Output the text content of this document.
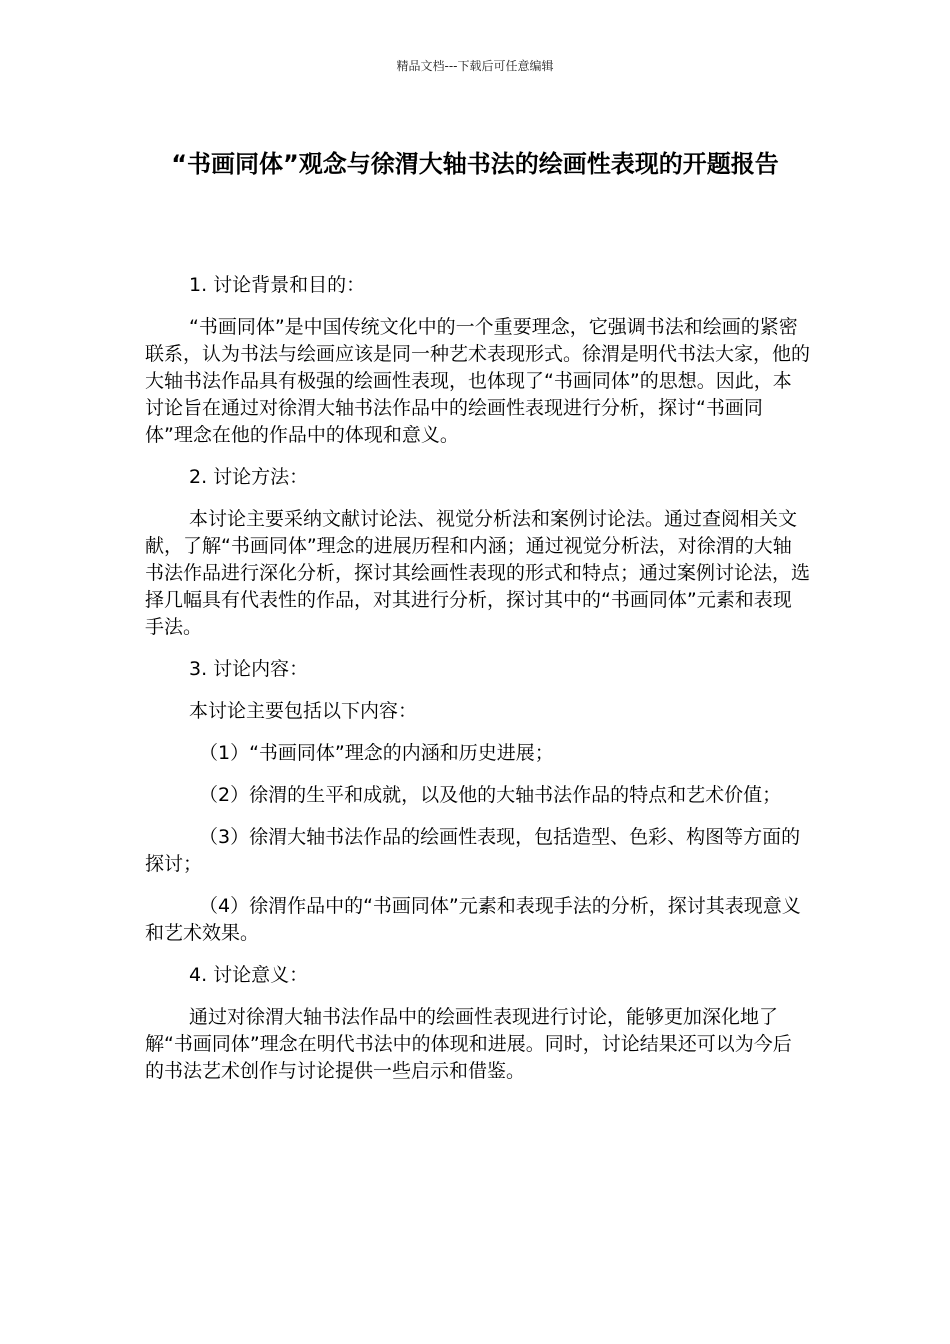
精品文档---下载后可任意编辑
“书画同体”观念与徐渭大轴书法的绘画性表现的开题报告

1. 讨论背景和目的：

“书画同体”是中国传统文化中的一个重要理念，它强调书法和绘画的紧密联系，认为书法与绘画应该是同一种艺术表现形式。徐渭是明代书法大家，他的大轴书法作品具有极强的绘画性表现，也体现了“书画同体”的思想。因此，本讨论旨在通过对徐渭大轴书法作品中的绘画性表现进行分析，探讨“书画同体”理念在他的作品中的体现和意义。

2. 讨论方法：

本讨论主要采纳文献讨论法、视觉分析法和案例讨论法。通过查阅相关文献，了解“书画同体”理念的进展历程和内涵；通过视觉分析法，对徐渭的大轴书法作品进行深化分析，探讨其绘画性表现的形式和特点；通过案例讨论法，选择几幅具有代表性的作品，对其进行分析，探讨其中的“书画同体”元素和表现手法。

3. 讨论内容：

本讨论主要包括以下内容：

（1）“书画同体”理念的内涵和历史进展；

（2）徐渭的生平和成就，以及他的大轴书法作品的特点和艺术价值；

（3）徐渭大轴书法作品的绘画性表现，包括造型、色彩、构图等方面的探讨；

（4）徐渭作品中的“书画同体”元素和表现手法的分析，探讨其表现意义和艺术效果。

4. 讨论意义：

通过对徐渭大轴书法作品中的绘画性表现进行讨论，能够更加深化地了解“书画同体”理念在明代书法中的体现和进展。同时，讨论结果还可以为今后的书法艺术创作与讨论提供一些启示和借鉴。
